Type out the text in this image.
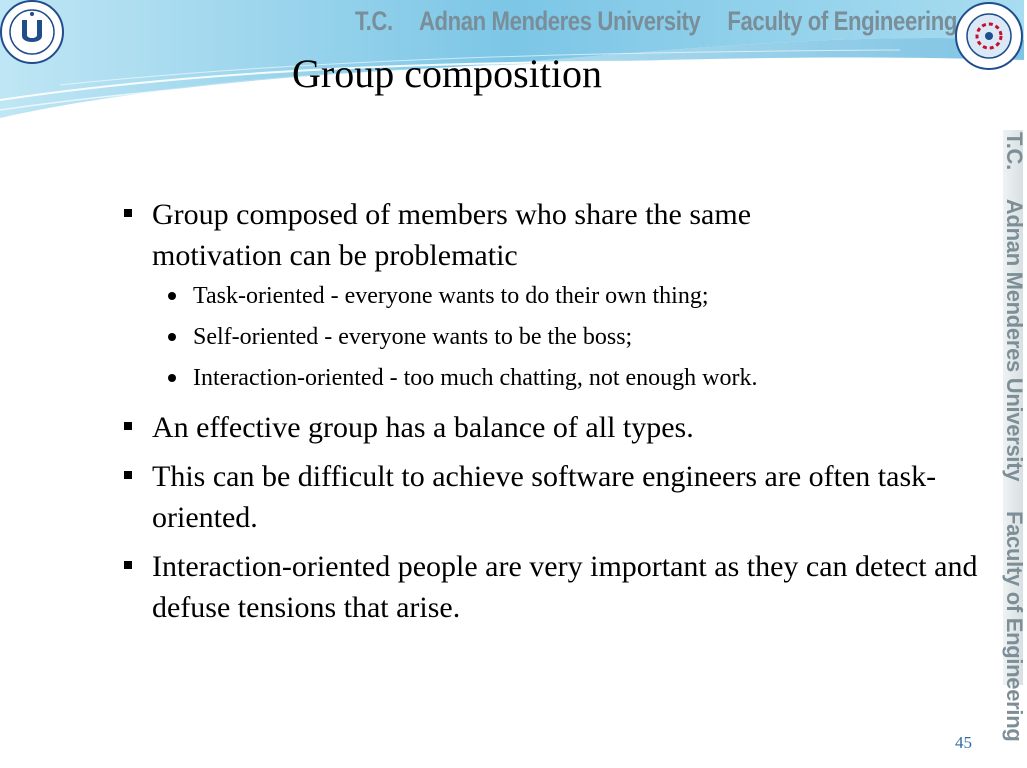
T.C. Adnan Menderes University Faculty of Engineering
T.C. Adnan Menderes University Faculty of Engineering
Group composition
Group composed of members who share the same motivation can be problematic
Task-oriented - everyone wants to do their own thing;
Self-oriented - everyone wants to be the boss;
Interaction-oriented - too much chatting, not enough work.
An effective group has a balance of all types.
This can be difficult to achieve software engineers are often task-oriented.
Interaction-oriented people are very important as they can detect and defuse tensions that arise.
45
